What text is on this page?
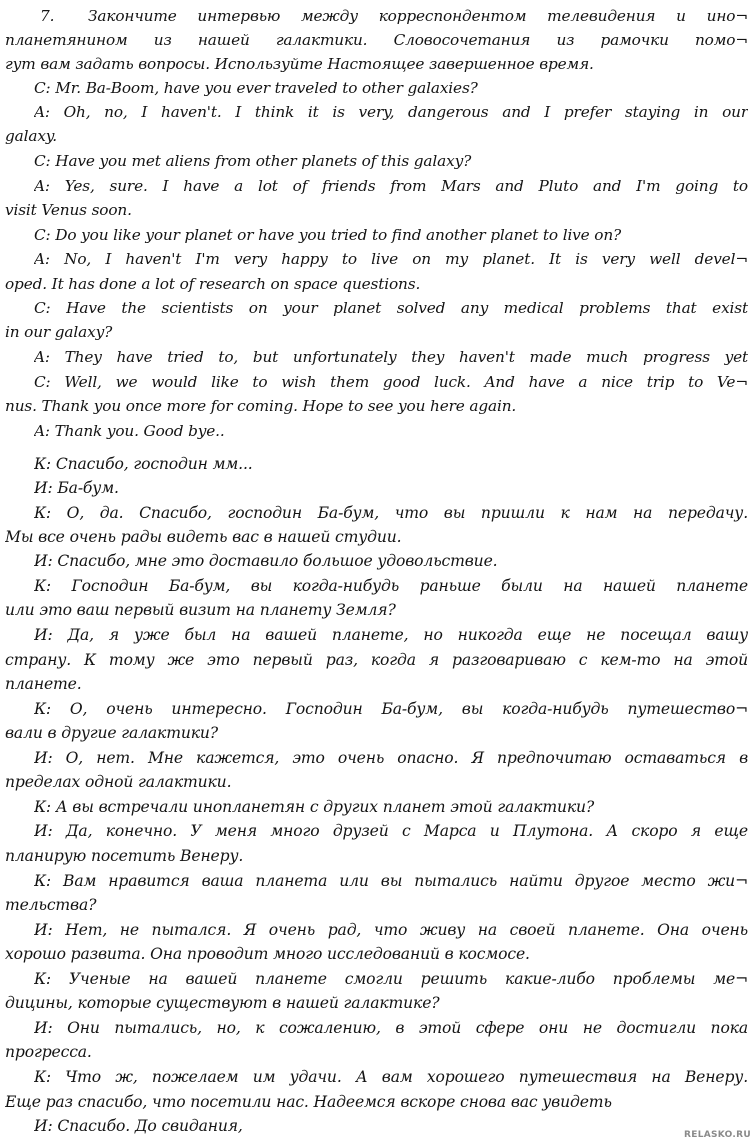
7.	Закончите интервью между корреспондентом телевидения и ино¬
планетянином из нашей галактики. Словосочетания из рамочки помо¬
гут вам задать вопросы. Используйте Настоящее завершенное время.
C: Mr. Ba-Boom, have you ever traveled to other galaxies?
A: Oh, no, I haven't. I think it is very, dangerous and I prefer staying in our
galaxy.
C: Have you met aliens from other planets of this galaxy?
A: Yes, sure. I have a lot of friends from Mars and Pluto and I'm going to
visit Venus soon.
C: Do you like your planet or have you tried to find another planet to live on?
A: No, I haven't I'm very happy to live on my planet. It is very well devel¬
oped. It has done a lot of research on space questions.
C: Have the scientists on your planet solved any medical problems that exist
in our galaxy?
A: They have tried to, but unfortunately they haven't made much progress yet
C: Well, we would like to wish them good luck. And have a nice trip to Ve¬
nus. Thank you once more for coming. Hope to see you here again.
A: Thank you. Good bye..
К: Спасибо, господин мм...
И: Ба-бум.
К: О, да. Спасибо, господин Ба-бум, что вы пришли к нам на передачу.
Мы все очень рады видеть вас в нашей студии.
И: Спасибо, мне это доставило большое удовольствие.
К: Господин Ба-бум, вы когда-нибудь раньше были на нашей планете
или это ваш первый визит на планету Земля?
И: Да, я уже был на вашей планете, но никогда еще не посещал вашу
страну. К тому же это первый раз, когда я разговариваю с кем-то на этой
планете.
К: О, очень интересно. Господин Ба-бум, вы когда-нибудь путешество¬
вали в другие галактики?
И: О, нет. Мне кажется, это очень опасно. Я предпочитаю оставаться в
пределах одной галактики.
К: А вы встречали инопланетян с других планет этой галактики?
И: Да, конечно. У меня много друзей с Марса и Плутона. А скоро я еще
планирую посетить Венеру.
К: Вам нравится ваша планета или вы пытались найти другое место жи¬
тельства?
И: Нет, не пытался. Я очень рад, что живу на своей планете. Она очень
хорошо развита. Она проводит много исследований в космосе.
К: Ученые на вашей планете смогли решить какие-либо проблемы ме¬
дицины, которые существуют в нашей галактике?
И: Они пытались, но, к сожалению, в этой сфере они не достигли пока
прогресса.
К: Что ж, пожелаем им удачи. А вам хорошего путешествия на Венеру.
Еще раз спасибо, что посетили нас. Надеемся вскоре снова вас увидеть
И: Спасибо. До свидания,	RELASKO.RU
